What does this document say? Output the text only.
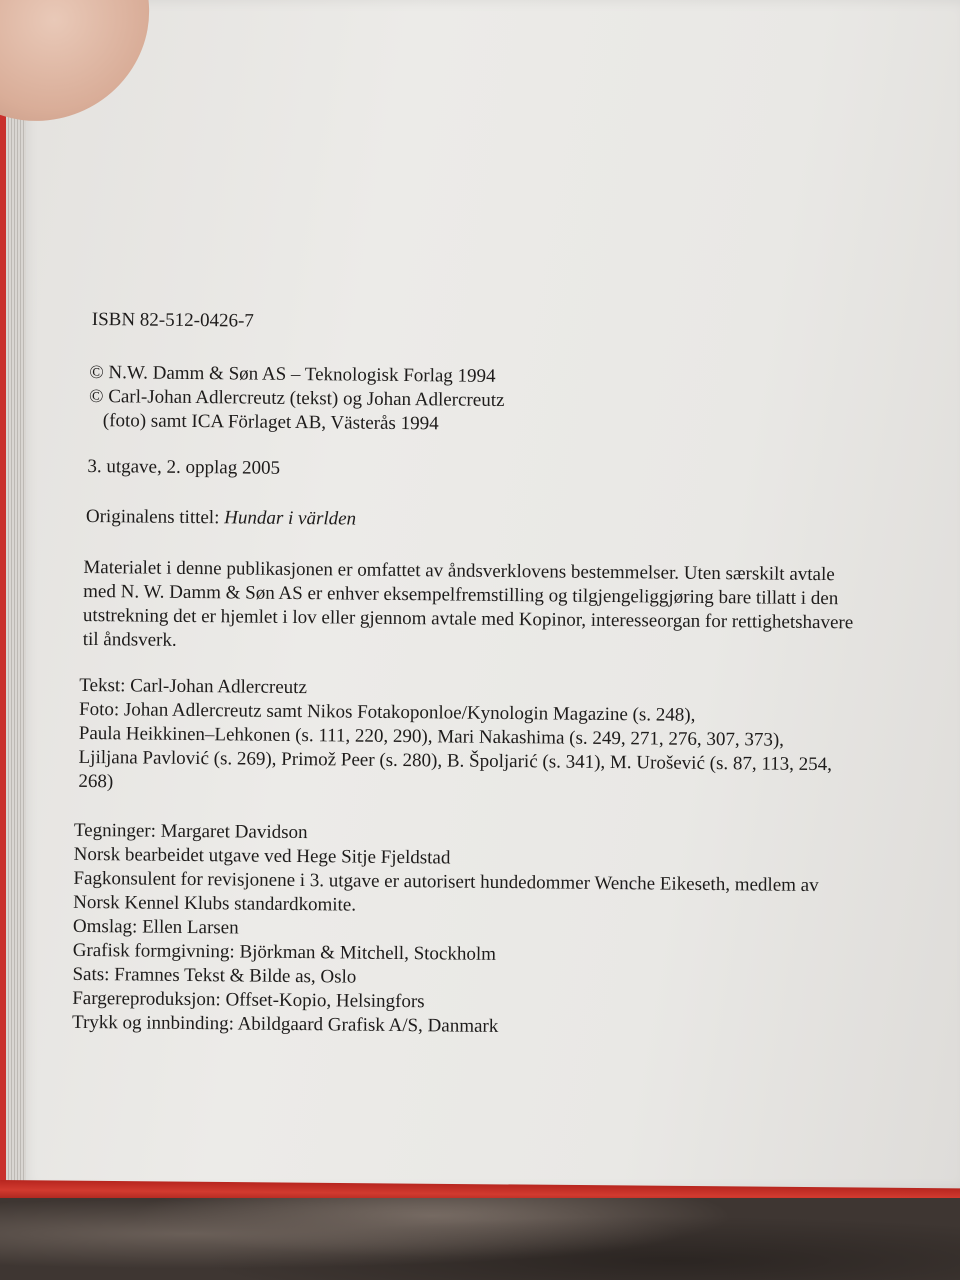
ISBN 82-512-0426-7
© N.W. Damm & Søn AS – Teknologisk Forlag 1994
© Carl-Johan Adlercreutz (tekst) og Johan Adlercreutz
(foto) samt ICA Förlaget AB, Västerås 1994
3. utgave, 2. opplag 2005
Originalens tittel: Hundar i världen
Materialet i denne publikasjonen er omfattet av åndsverklovens bestemmelser. Uten særskilt avtale
med N. W. Damm & Søn AS er enhver eksempelfremstilling og tilgjengeliggjøring bare tillatt i den
utstrekning det er hjemlet i lov eller gjennom avtale med Kopinor, interesseorgan for rettighetshavere
til åndsverk.
Tekst: Carl-Johan Adlercreutz
Foto: Johan Adlercreutz samt Nikos Fotakoponloe/Kynologin Magazine (s. 248),
Paula Heikkinen–Lehkonen (s. 111, 220, 290), Mari Nakashima (s. 249, 271, 276, 307, 373),
Ljiljana Pavlović (s. 269), Primož Peer (s. 280), B. Špoljarić (s. 341), M. Urošević (s. 87, 113, 254,
268)
Tegninger: Margaret Davidson
Norsk bearbeidet utgave ved Hege Sitje Fjeldstad
Fagkonsulent for revisjonene i 3. utgave er autorisert hundedommer Wenche Eikeseth, medlem av
Norsk Kennel Klubs standardkomite.
Omslag: Ellen Larsen
Grafisk formgivning: Björkman & Mitchell, Stockholm
Sats: Framnes Tekst & Bilde as, Oslo
Fargereproduksjon: Offset-Kopio, Helsingfors
Trykk og innbinding: Abildgaard Grafisk A/S, Danmark
